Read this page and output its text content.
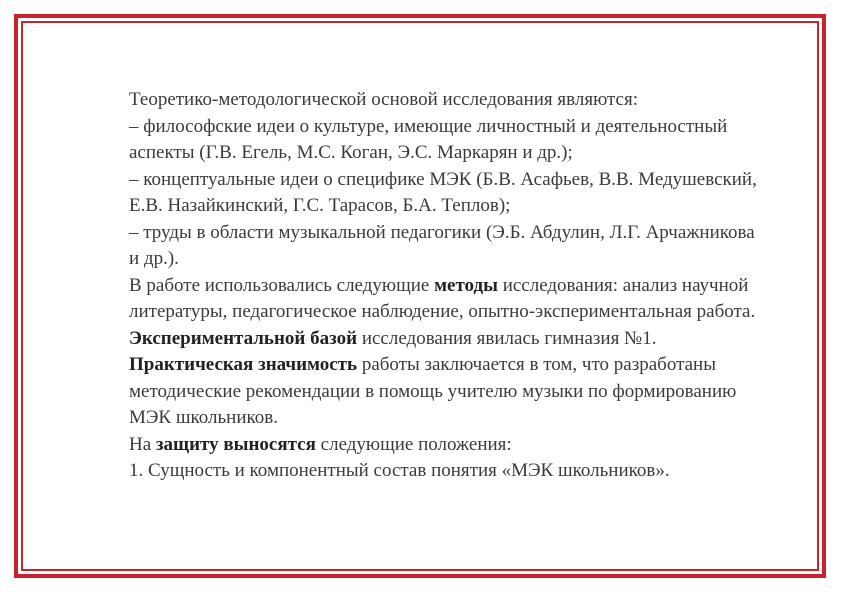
Теоретико-методологической основой исследования являются:

– философские идеи о культуре, имеющие личностный и деятельностный аспекты (Г.В. Егель, М.С. Коган, Э.С. Маркарян и др.);

– концептуальные идеи о специфике МЭК (Б.В. Асафьев, В.В. Медушевский, Е.В. Назайкинский, Г.С. Тарасов, Б.А. Теплов);

– труды в области музыкальной педагогики (Э.Б. Абдулин, Л.Г. Арчажникова и др.).

В работе использовались следующие методы исследования: анализ научной литературы, педагогическое наблюдение, опытно-экспериментальная работа.

Экспериментальной базой исследования явилась гимназия №1.

Практическая значимость работы заключается в том, что разработаны методические рекомендации в помощь учителю музыки по формированию МЭК школьников.

На защиту выносятся следующие положения:

1. Сущность и компонентный состав понятия «МЭК школьников».
